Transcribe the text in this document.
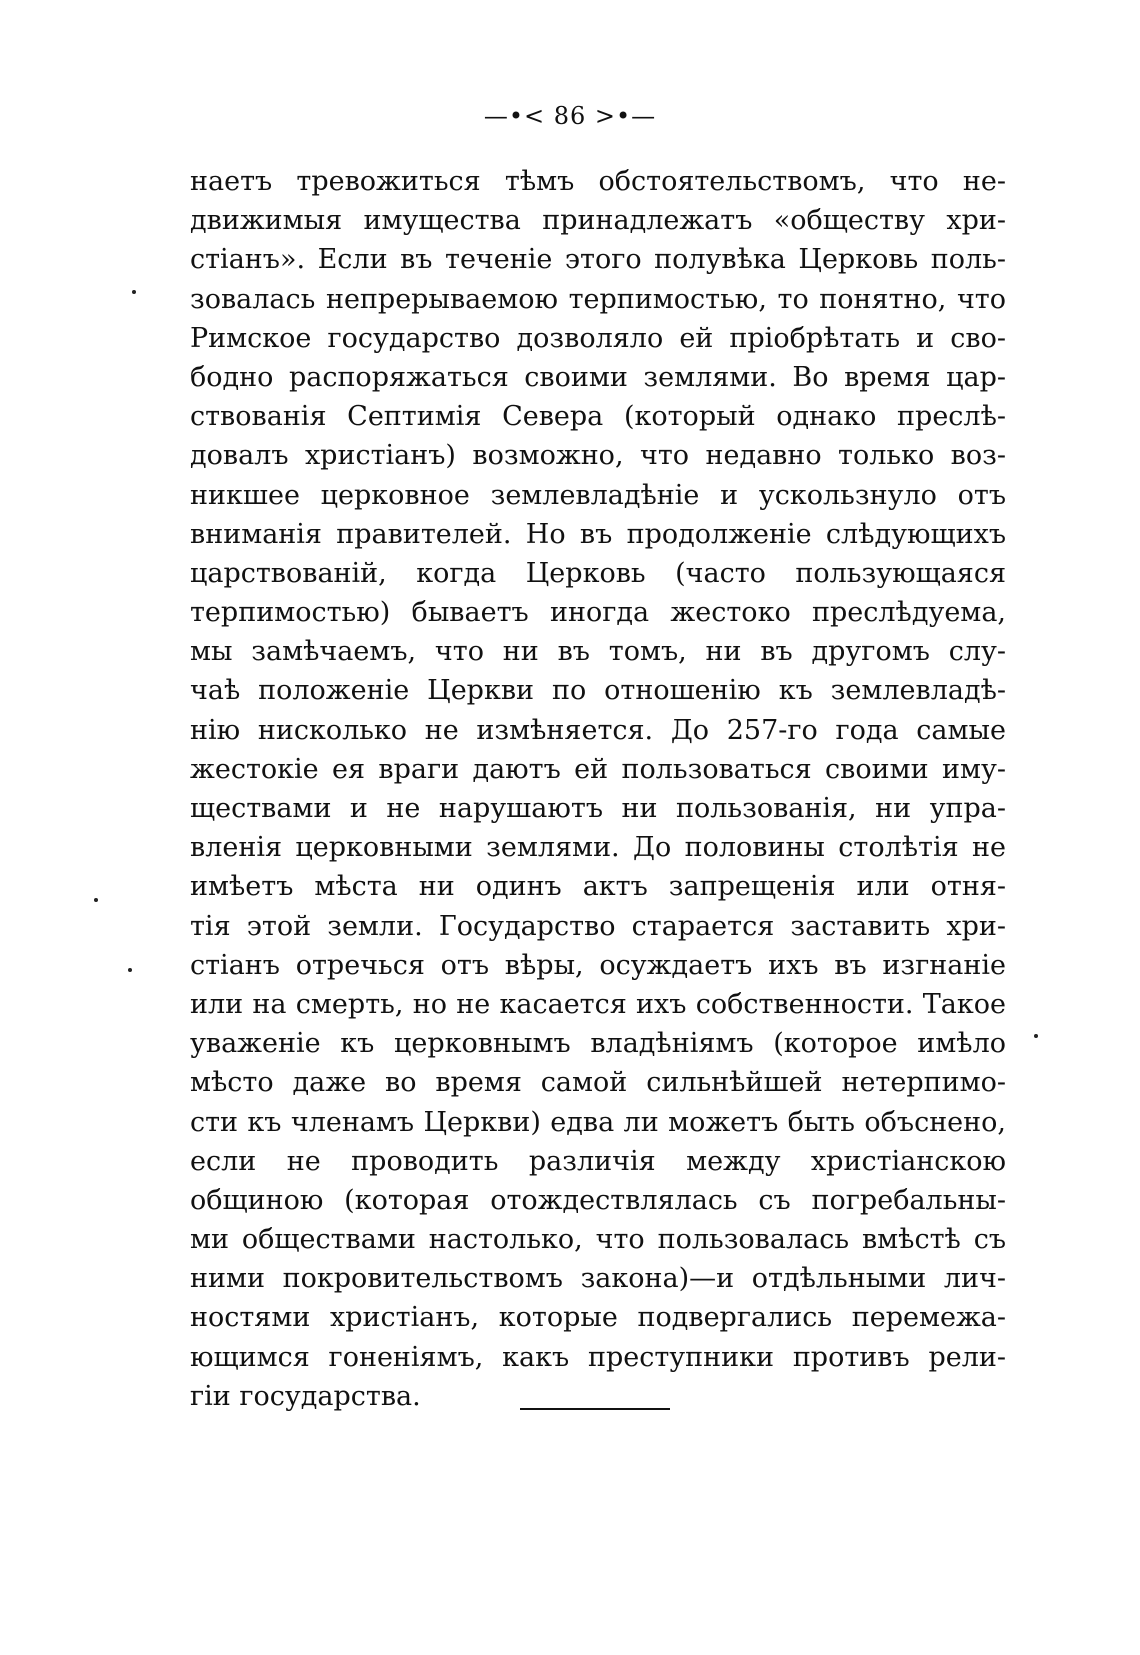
—•< 86 >•—
наетъ тревожиться тѣмъ обстоятельствомъ, что не-
движимыя имущества принадлежатъ «обществу хри-
стіанъ». Если въ теченіе этого полувѣка Церковь поль-
зовалась непрерываемою терпимостью, то понятно, что
Римское государство дозволяло ей пріобрѣтать и сво-
бодно распоряжаться своими землями. Во время цар-
ствованія Септимія Севера (который однако преслѣ-
довалъ христіанъ) возможно, что недавно только воз-
никшее церковное землевладѣніе и ускользнуло отъ
вниманія правителей. Но въ продолженіе слѣдующихъ
царствованій, когда Церковь (часто пользующаяся
терпимостью) бываетъ иногда жестоко преслѣдуема,
мы замѣчаемъ, что ни въ томъ, ни въ другомъ слу-
чаѣ положеніе Церкви по отношенію къ землевладѣ-
нію нисколько не измѣняется. До 257-го года самые
жестокіе ея враги даютъ ей пользоваться своими иму-
ществами и не нарушаютъ ни пользованія, ни упра-
вленія церковными землями. До половины столѣтія не
имѣетъ мѣста ни одинъ актъ запрещенія или отня-
тія этой земли. Государство старается заставить хри-
стіанъ отречься отъ вѣры, осуждаетъ ихъ въ изгнаніе
или на смерть, но не касается ихъ собственности. Такое
уваженіе къ церковнымъ владѣніямъ (которое имѣло
мѣсто даже во время самой сильнѣйшей нетерпимо-
сти къ членамъ Церкви) едва ли можетъ быть объснено,
если не проводить различія между христіанскою
общиною (которая отождествлялась съ погребальны-
ми обществами настолько, что пользовалась вмѣстѣ съ
ними покровительствомъ закона)—и отдѣльными лич-
ностями христіанъ, которые подвергались перемежа-
ющимся гоненіямъ, какъ преступники противъ рели-
гіи государства.
